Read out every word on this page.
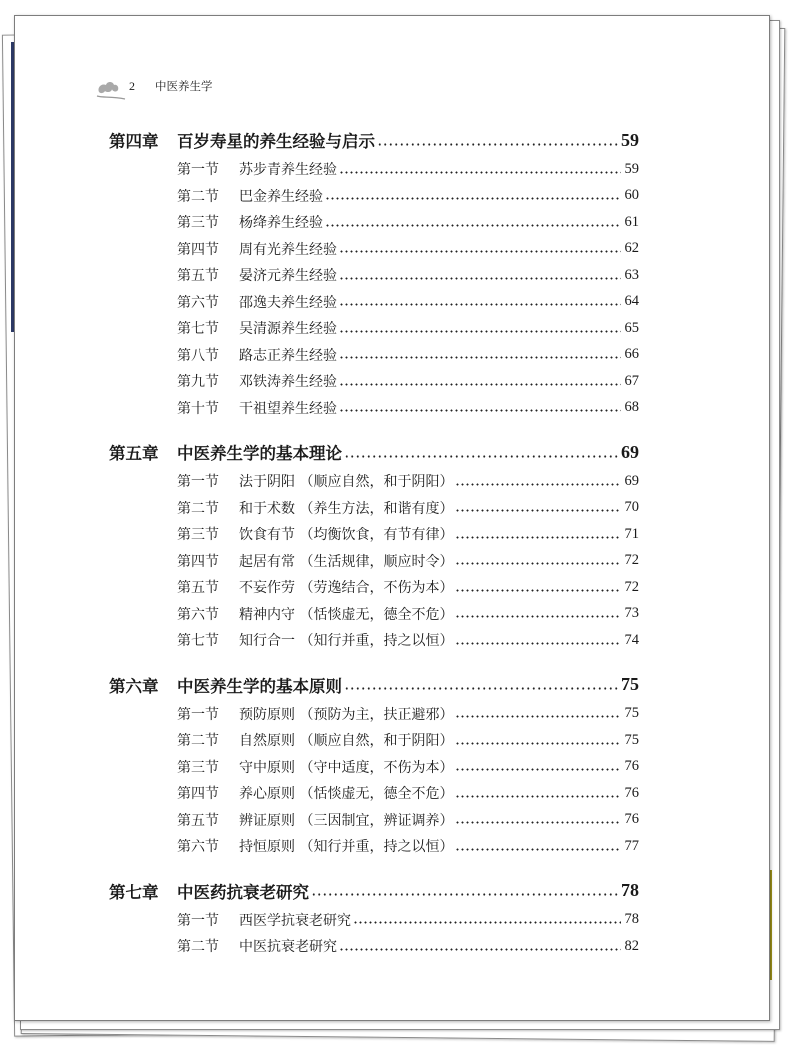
2 中医养生学
第四章	百岁寿星的养生经验与启示	59
第一节	苏步青养生经验	59
第二节	巴金养生经验	60
第三节	杨绛养生经验	61
第四节	周有光养生经验	62
第五节	晏济元养生经验	63
第六节	邵逸夫养生经验	64
第七节	吴清源养生经验	65
第八节	路志正养生经验	66
第九节	邓铁涛养生经验	67
第十节	干祖望养生经验	68
第五章	中医养生学的基本理论	69
第一节	法于阴阳 （顺应自然，和于阴阳）	69
第二节	和于术数 （养生方法，和谐有度）	70
第三节	饮食有节 （均衡饮食，有节有律）	71
第四节	起居有常 （生活规律，顺应时令）	72
第五节	不妄作劳 （劳逸结合，不伤为本）	72
第六节	精神内守 （恬惔虚无，德全不危）	73
第七节	知行合一 （知行并重，持之以恒）	74
第六章	中医养生学的基本原则	75
第一节	预防原则 （预防为主，扶正避邪）	75
第二节	自然原则 （顺应自然，和于阴阳）	75
第三节	守中原则 （守中适度，不伤为本）	76
第四节	养心原则 （恬惔虚无，德全不危）	76
第五节	辨证原则 （三因制宜，辨证调养）	76
第六节	持恒原则 （知行并重，持之以恒）	77
第七章	中医药抗衰老研究	78
第一节	西医学抗衰老研究	78
第二节	中医抗衰老研究	82
